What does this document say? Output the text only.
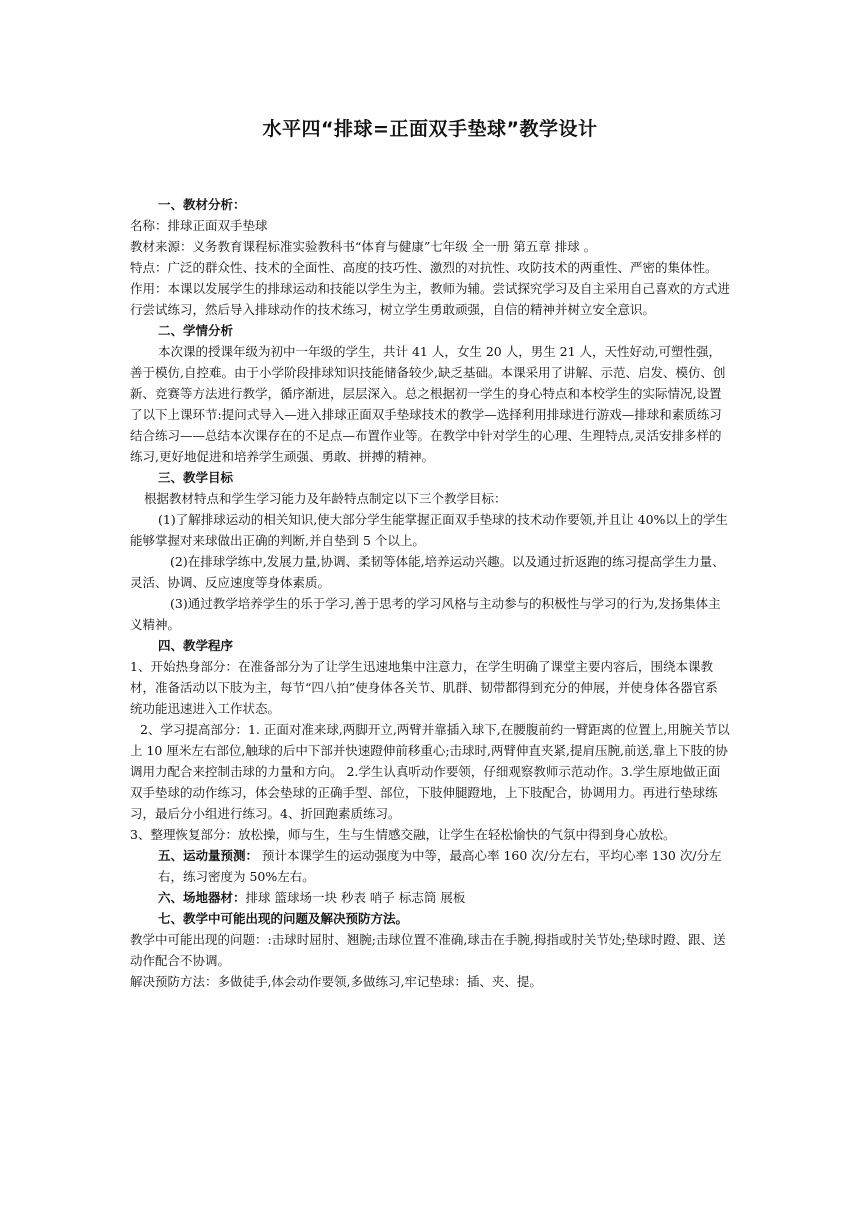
水平四“排球=正面双手垫球”教学设计

一、教材分析：

名称：排球正面双手垫球

教材来源：义务教育课程标准实验教科书“体育与健康”七年级 全一册 第五章 排球 。

特点：广泛的群众性、技术的全面性、高度的技巧性、激烈的对抗性、攻防技术的两重性、严密的集体性。

作用：本课以发展学生的排球运动和技能以学生为主，教师为辅。尝试探究学习及自主采用自己喜欢的方式进行尝试练习，然后导入排球动作的技术练习，树立学生勇敢顽强，自信的精神并树立安全意识。

二、学情分析

本次课的授课年级为初中一年级的学生，共计 41 人，女生 20 人，男生 21 人，天性好动,可塑性强，善于模仿,自控难。由于小学阶段排球知识技能储备较少,缺乏基础。本课采用了讲解、示范、启发、模仿、创新、竞赛等方法进行教学，循序渐进，层层深入。总之根据初一学生的身心特点和本校学生的实际情况,设置了以下上课环节:提问式导入—进入排球正面双手垫球技术的教学—选择利用排球进行游戏—排球和素质练习结合练习——总结本次课存在的不足点—布置作业等。在教学中针对学生的心理、生理特点,灵活安排多样的练习,更好地促进和培养学生顽强、勇敢、拼搏的精神。

三、教学目标

根据教材特点和学生学习能力及年龄特点制定以下三个教学目标：

(1)了解排球运动的相关知识,使大部分学生能掌握正面双手垫球的技术动作要领,并且让 40%以上的学生能够掌握对来球做出正确的判断,并自垫到 5 个以上。

(2)在排球学练中,发展力量,协调、柔韧等体能,培养运动兴趣。以及通过折返跑的练习提高学生力量、灵活、协调、反应速度等身体素质。

(3)通过教学培养学生的乐于学习,善于思考的学习风格与主动参与的积极性与学习的行为,发扬集体主义精神。

四、教学程序

1、开始热身部分：在准备部分为了让学生迅速地集中注意力，在学生明确了课堂主要内容后，围绕本课教材，准备活动以下肢为主，每节“四八拍”使身体各关节、肌群、韧带都得到充分的伸展，并使身体各器官系统功能迅速进入工作状态。

2、学习提高部分：1. 正面对准来球,两脚开立,两臂并靠插入球下,在腰腹前约一臂距离的位置上,用腕关节以上 10 厘米左右部位,触球的后中下部并快速蹬伸前移重心;击球时,两臂伸直夹紧,提肩压腕,前送,靠上下肢的协调用力配合来控制击球的力量和方向。 2.学生认真听动作要领，仔细观察教师示范动作。3.学生原地做正面双手垫球的动作练习，体会垫球的正确手型、部位，下肢伸腿蹬地，上下肢配合，协调用力。再进行垫球练习，最后分小组进行练习。4、折回跑素质练习。

3、整理恢复部分：放松操，师与生，生与生情感交融，让学生在轻松愉快的气氛中得到身心放松。

五、运动量预测： 预计本课学生的运动强度为中等，最高心率 160 次/分左右，平均心率 130 次/分左右，练习密度为 50%左右。

六、场地器材：排球 篮球场一块 秒表 哨子 标志筒 展板

七、教学中可能出现的问题及解决预防方法。

教学中可能出现的问题：:击球时屈肘、翘腕;击球位置不准确,球击在手腕,拇指或肘关节处;垫球时蹬、跟、送动作配合不协调。

解决预防方法：多做徒手,体会动作要领,多做练习,牢记垫球：插、夹、提。
